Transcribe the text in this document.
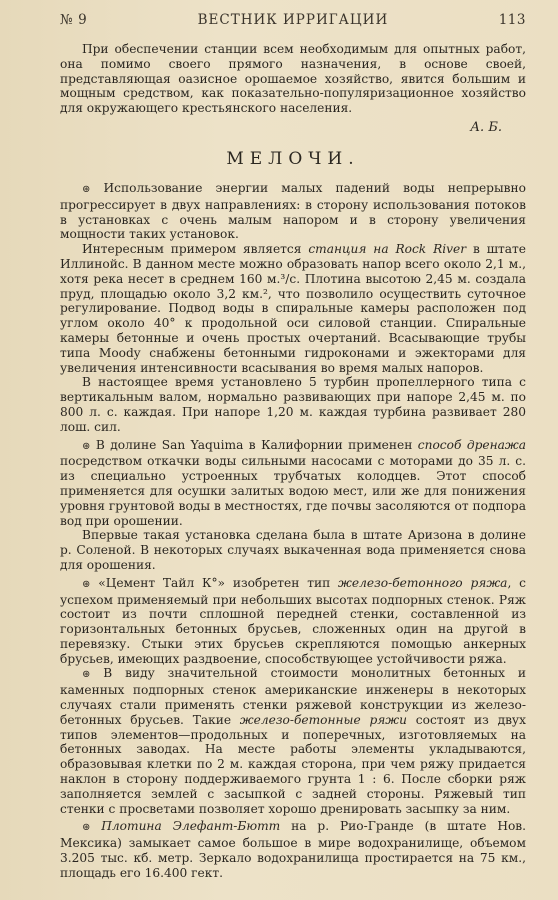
№ 9	ВЕСТНИК ИРРИГАЦИИ	113

При обеспечении станции всем необходимым для опытных работ, она помимо своего прямого назначения, в основе своей, представляющая оазисное орошаемое хозяйство, явится большим и мощным средством, как показательно-популяризационное хозяйство для окружающего крестьянского населения.

А. Б.
МЕЛОЧИ.

⊛ Использование энергии малых падений воды непрерывно прогрессирует в двух направлениях: в сторону использования потоков в установках с очень малым напором и в сторону увеличения мощности таких установок.

Интересным примером является станция на Rock River в штате Иллинойс. В данном месте можно образовать напор всего около 2,1 м., хотя река несет в среднем 160 м.³/с. Плотина высотою 2,45 м. создала пруд, площадью около 3,2 км.², что позволило осуществить суточное регулирование. Подвод воды в спиральные камеры расположен под углом около 40° к продольной оси силовой станции. Спиральные камеры бетонные и очень простых очертаний. Всасывающие трубы типа Moody снабжены бетонными гидроконами и эжекторами для увеличения интенсивности всасывания во время малых напоров.

В настоящее время установлено 5 турбин пропеллерного типа с вертикальным валом, нормально развивающих при напоре 2,45 м. по 800 л. с. каждая. При напоре 1,20 м. каждая турбина развивает 280 лош. сил.

⊛ В долине San Yaquima в Калифорнии применен способ дренажа посредством откачки воды сильными насосами с моторами до 35 л. с. из специально устроенных трубчатых колодцев. Этот способ применяется для осушки залитых водою мест, или же для понижения уровня грунтовой воды в местностях, где почвы засоляются от подпора вод при орошении.

Впервые такая установка сделана была в штате Аризона в долине р. Соленой. В некоторых случаях выкаченная вода применяется снова для орошения.

⊛ «Цемент Тайл К°» изобретен тип железо-бетонного ряжа, с успехом применяемый при небольших высотах подпорных стенок. Ряж состоит из почти сплошной передней стенки, составленной из горизонтальных бетонных брусьев, сложенных один на другой в перевязку. Стыки этих брусьев скрепляются помощью анкерных брусьев, имеющих раздвоение, способствующее устойчивости ряжа.

⊛ В виду значительной стоимости монолитных бетонных и каменных подпорных стенок американские инженеры в некоторых случаях стали применять стенки ряжевой конструкции из железо-бетонных брусьев. Такие железо-бетонные ряжи состоят из двух типов элементов—продольных и поперечных, изготовляемых на бетонных заводах. На месте работы элементы укладываются, образовывая клетки по 2 м. каждая сторона, при чем ряжу придается наклон в сторону поддерживаемого грунта 1 : 6. После сборки ряж заполняется землей с засыпкой с задней стороны. Ряжевый тип стенки с просветами позволяет хорошо дренировать засыпку за ним.

⊛ Плотина Элефант-Бютт на р. Рио-Гранде (в штате Нов. Мексика) замыкает самое большое в мире водохранилище, объемом 3.205 тыс. кб. метр. Зеркало водохранилища простирается на 75 км., площадь его 16.400 гект.
